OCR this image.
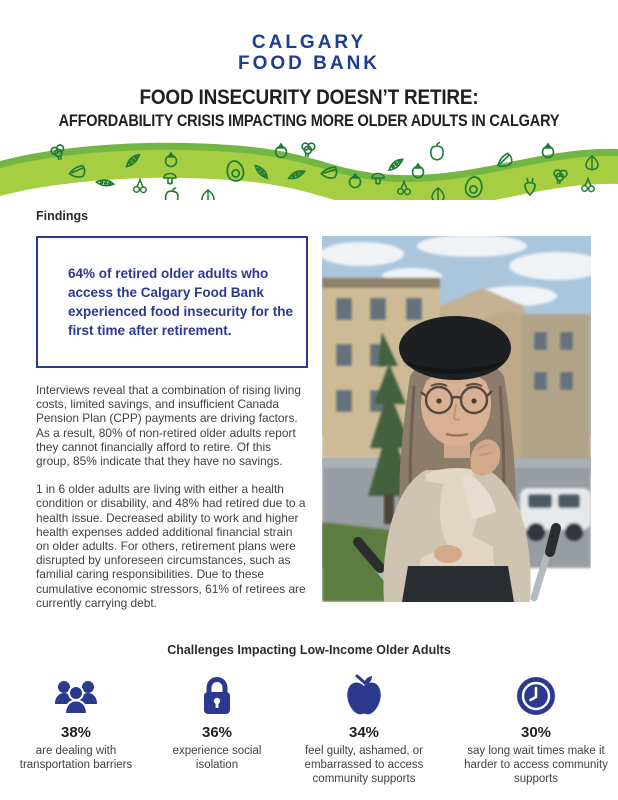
CALGARY
FOOD BANK
FOOD INSECURITY DOESN’T RETIRE:
AFFORDABILITY CRISIS IMPACTING MORE OLDER ADULTS IN CALGARY
Findings
64% of retired older adults who access the Calgary Food Bank experienced food insecurity for the first time after retirement.

Interviews reveal that a combination of rising living costs, limited savings, and insufficient Canada Pension Plan (CPP) payments are driving factors. As a result, 80% of non-retired older adults report they cannot financially afford to retire. Of this group, 85% indicate that they have no savings.

1 in 6 older adults are living with either a health condition or disability, and 48% had retired due to a health issue. Decreased ability to work and higher health expenses added additional financial strain on older adults. For others, retirement plans were disrupted by unforeseen circumstances, such as familial caring responsibilities. Due to these cumulative economic stressors, 61% of retirees are currently carrying debt.

Challenges Impacting Low-Income Older Adults
38%
are dealing with transportation barriers
36%
experience social isolation
34%
feel guilty, ashamed, or embarrassed to access community supports
30%
say long wait times make it harder to access community supports
